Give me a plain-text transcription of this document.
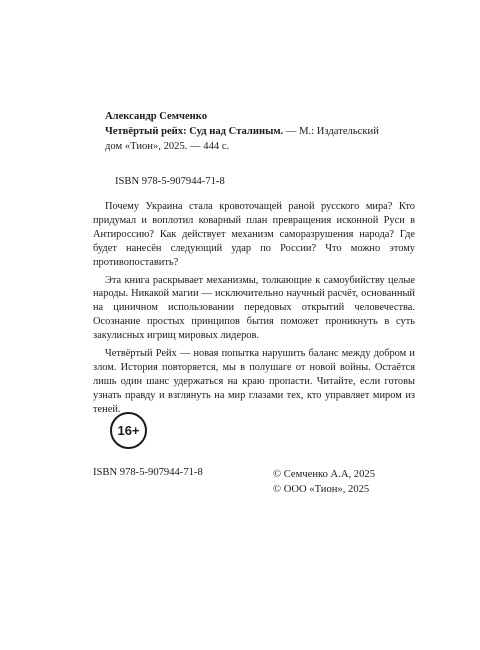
Александр Семченко
Четвёртый рейх: Суд над Сталиным. — М.: Издательский
дом «Тион», 2025. — 444 с.
ISBN 978-5-907944-71-8

Почему Украина стала кровоточащей раной русского мира? Кто придумал и воплотил коварный план превращения исконной Руси в Антироссию? Как действует механизм саморазрушения народа? Где будет нанесён следующий удар по России? Что можно этому противопоставить?

Эта книга раскрывает механизмы, толкающие к самоубийству целые народы. Никакой магии — исключительно научный расчёт, основанный на циничном использовании передовых открытий человечества. Осознание простых принципов бытия поможет проникнуть в суть закулисных игрищ мировых лидеров.

Четвёртый Рейх — новая попытка нарушить баланс между добром и злом. История повторяется, мы в полушаге от новой войны. Остаётся лишь один шанс удержаться на краю пропасти. Читайте, если готовы узнать правду и взглянуть на мир глазами тех, кто управляет миром из теней.

16+
ISBN 978-5-907944-71-8	© Семченко А.А, 2025
© ООО «Тион», 2025
